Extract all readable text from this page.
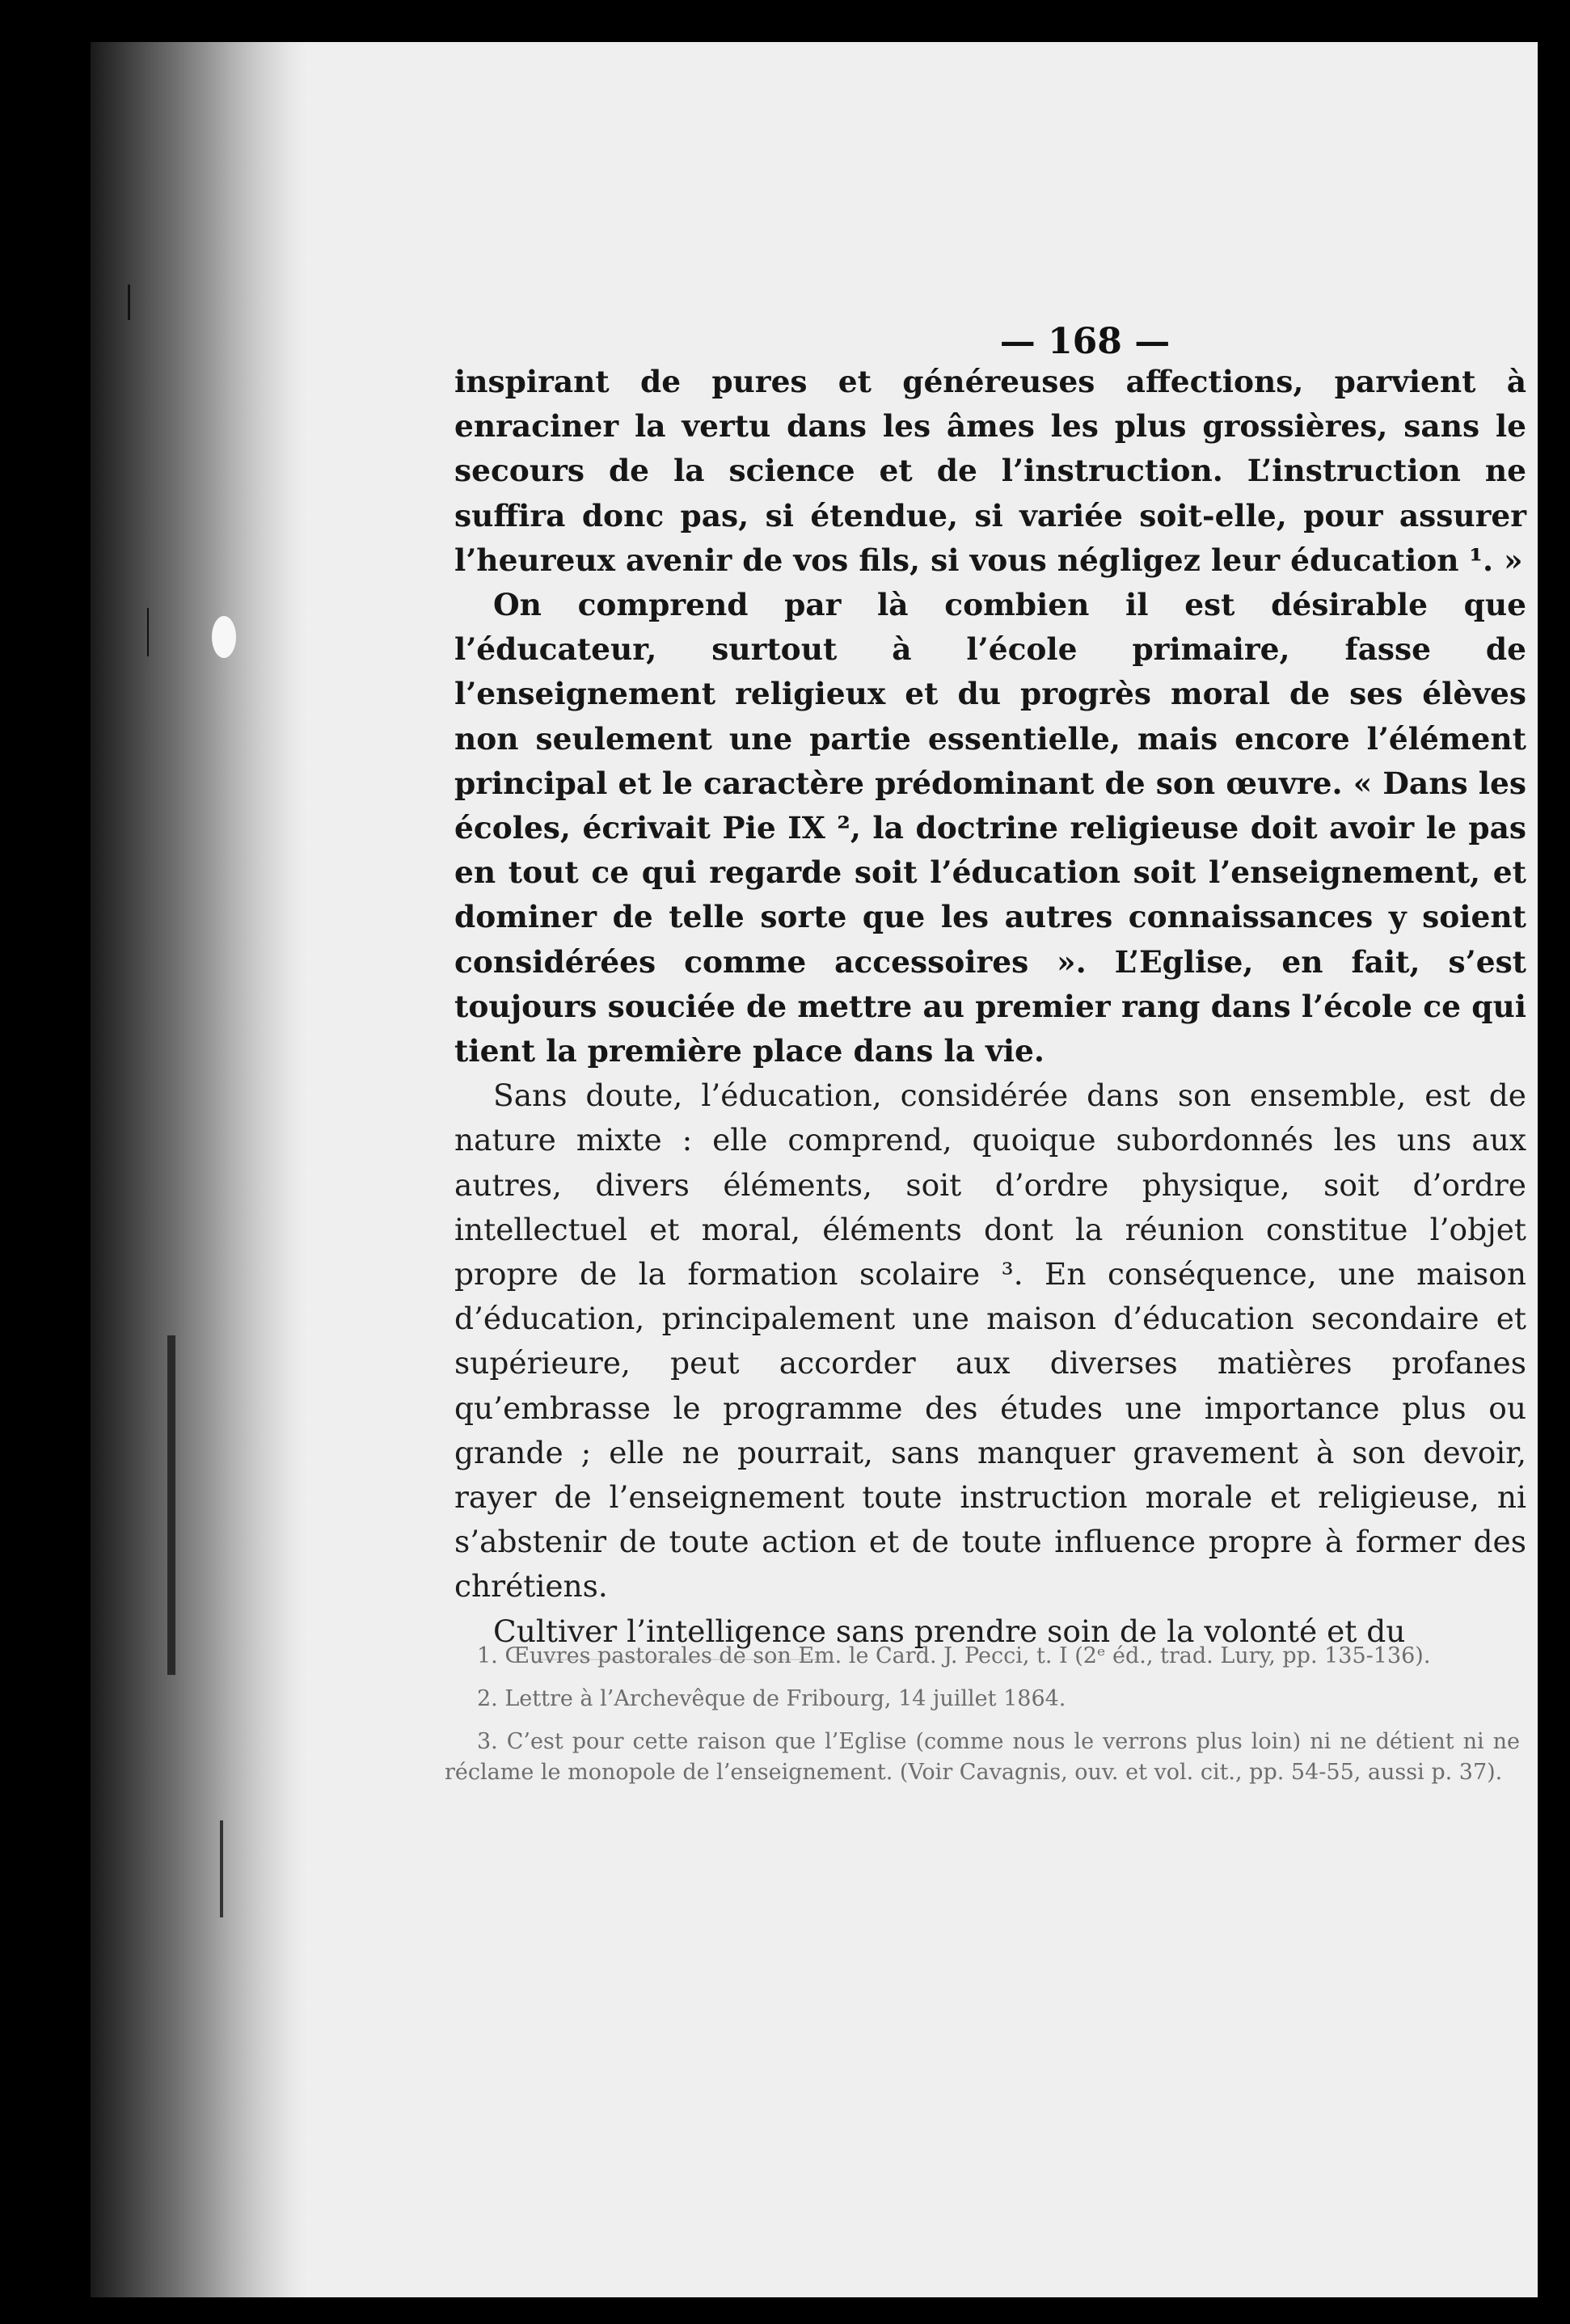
— 168 —

inspirant de pures et généreuses affections, parvient à enraciner la vertu dans les âmes les plus grossières, sans le secours de la science et de l’instruction. L’instruction ne suffira donc pas, si étendue, si variée soit-elle, pour assurer l’heureux avenir de vos fils, si vous négligez leur éducation ¹. »

On comprend par là combien il est désirable que l’éducateur, surtout à l’école primaire, fasse de l’enseignement religieux et du progrès moral de ses élèves non seulement une partie essentielle, mais encore l’élément principal et le caractère prédominant de son œuvre. « Dans les écoles, écrivait Pie IX ², la doctrine religieuse doit avoir le pas en tout ce qui regarde soit l’éducation soit l’enseignement, et dominer de telle sorte que les autres connaissances y soient considérées comme accessoires ». L’Eglise, en fait, s’est toujours souciée de mettre au premier rang dans l’école ce qui tient la première place dans la vie.

Sans doute, l’éducation, considérée dans son ensemble, est de nature mixte : elle comprend, quoique subordonnés les uns aux autres, divers éléments, soit d’ordre physique, soit d’ordre intellectuel et moral, éléments dont la réunion constitue l’objet propre de la formation scolaire ³. En conséquence, une maison d’éducation, principalement une maison d’éducation secondaire et supérieure, peut accorder aux diverses matières profanes qu’embrasse le programme des études une importance plus ou grande ; elle ne pourrait, sans manquer gravement à son devoir, rayer de l’enseignement toute instruction morale et religieuse, ni s’abstenir de toute action et de toute influence propre à former des chrétiens.

Cultiver l’intelligence sans prendre soin de la volonté et du

1. Œuvres pastorales de son Em. le Card. J. Pecci, t. I (2ᵉ éd., trad. Lury, pp. 135-136).

2. Lettre à l’Archevêque de Fribourg, 14 juillet 1864.

3. C’est pour cette raison que l’Eglise (comme nous le verrons plus loin) ni ne détient ni ne réclame le monopole de l’enseignement. (Voir Cavagnis, ouv. et vol. cit., pp. 54-55, aussi p. 37).
